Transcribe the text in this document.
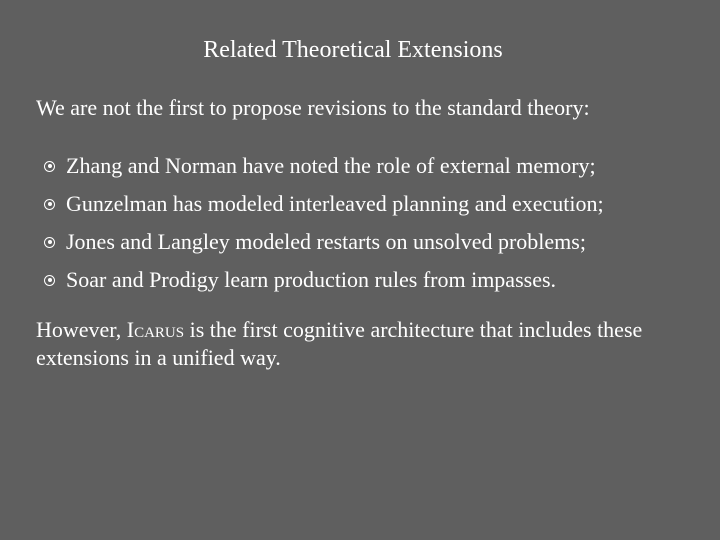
Related Theoretical Extensions
We are not the first to propose revisions to the standard theory:
Zhang and Norman have noted the role of external memory;
Gunzelman has modeled interleaved planning and execution;
Jones and Langley modeled restarts on unsolved problems;
Soar and Prodigy learn production rules from impasses.
However, Icarus is the first cognitive architecture that includes these extensions in a unified way.
